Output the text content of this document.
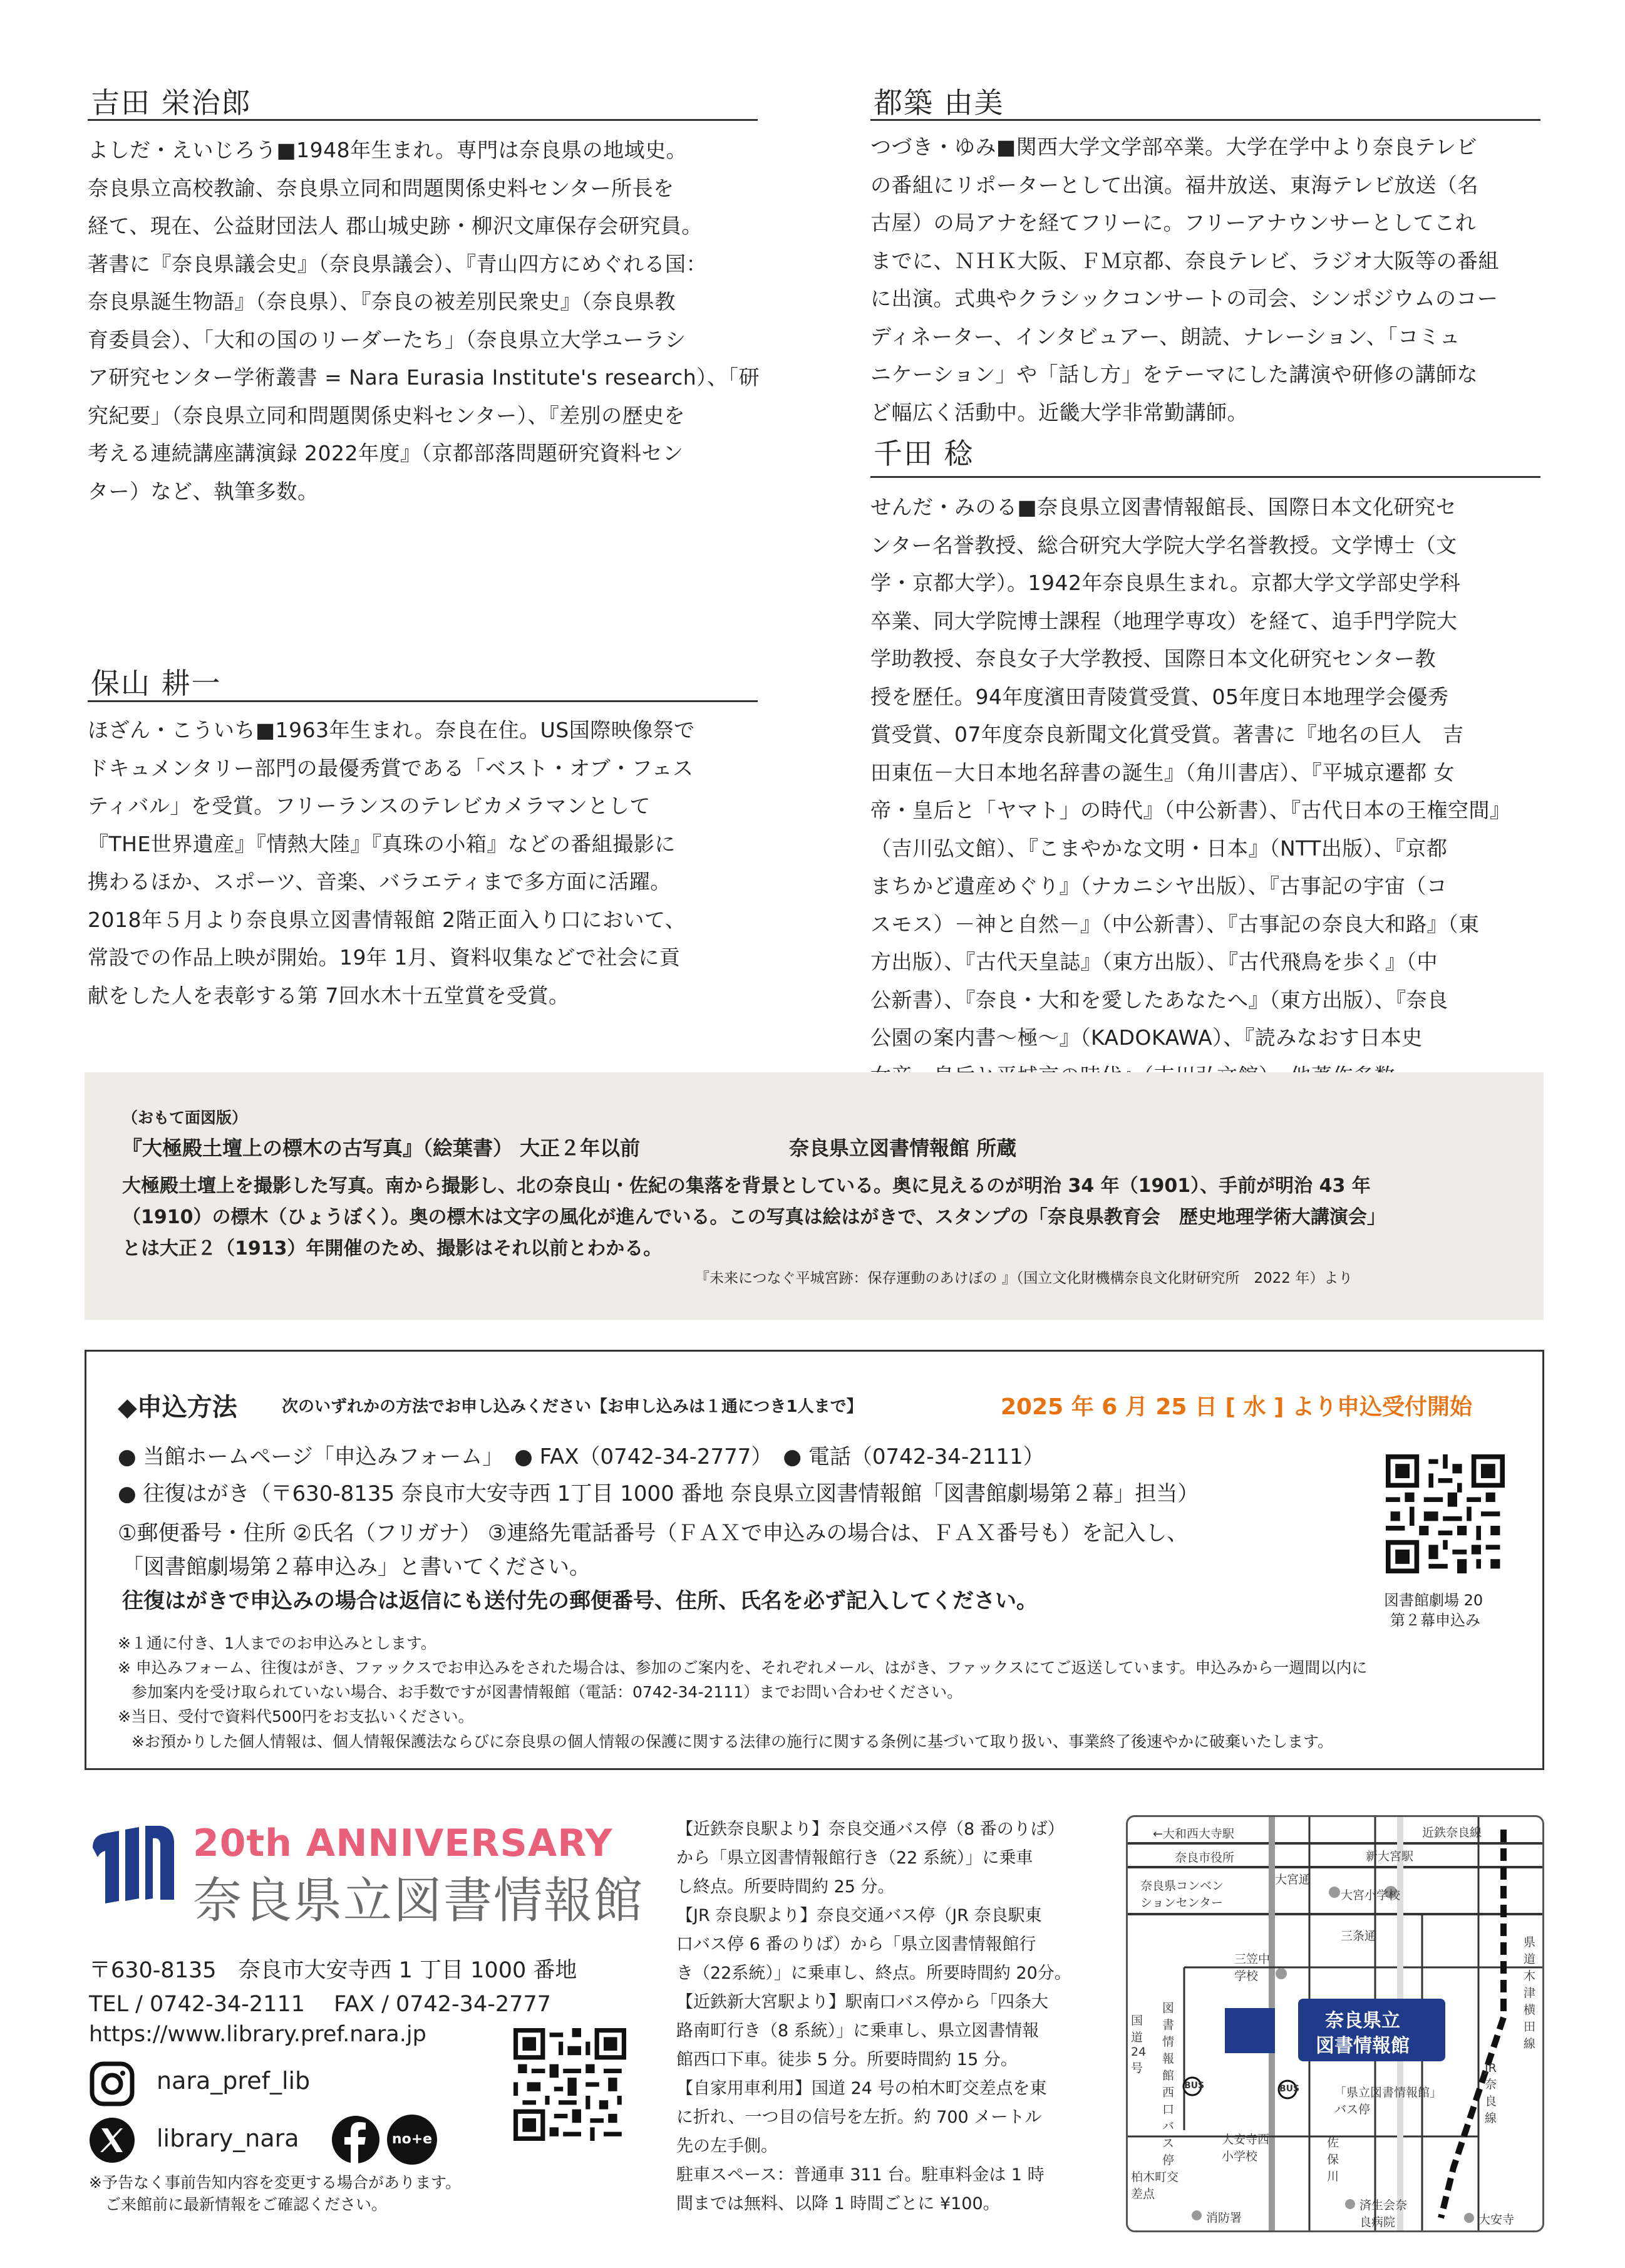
吉田 栄治郎
よしだ・えいじろう■1948年生まれ。専門は奈良県の地域史。
奈良県立高校教諭、奈良県立同和問題関係史料センター所長を
経て、現在、公益財団法人 郡山城史跡・柳沢文庫保存会研究員。
著書に『奈良県議会史』（奈良県議会）、『青山四方にめぐれる国：
奈良県誕生物語』（奈良県）、『奈良の被差別民衆史』（奈良県教
育委員会）、「大和の国のリーダーたち」（奈良県立大学ユーラシ
ア研究センター学術叢書 = Nara Eurasia Institute's research）、「研
究紀要」（奈良県立同和問題関係史料センター）、『差別の歴史を
考える連続講座講演録 2022年度』（京都部落問題研究資料セン
ター）など、執筆多数。
保山 耕一
ほざん・こういち■1963年生まれ。奈良在住。US国際映像祭で
ドキュメンタリー部門の最優秀賞である「ベスト・オブ・フェス
ティバル」を受賞。フリーランスのテレビカメラマンとして
『THE世界遺産』『情熱大陸』『真珠の小箱』などの番組撮影に
携わるほか、スポーツ、音楽、バラエティまで多方面に活躍。
2018年５月より奈良県立図書情報館 2階正面入り口において、
常設での作品上映が開始。19年 1月、資料収集などで社会に貢
献をした人を表彰する第 7回水木十五堂賞を受賞。
都築 由美
つづき・ゆみ■関西大学文学部卒業。大学在学中より奈良テレビ
の番組にリポーターとして出演。福井放送、東海テレビ放送（名
古屋）の局アナを経てフリーに。フリーアナウンサーとしてこれ
までに、ＮＨＫ大阪、ＦＭ京都、奈良テレビ、ラジオ大阪等の番組
に出演。式典やクラシックコンサートの司会、シンポジウムのコー
ディネーター、インタビュアー、朗読、ナレーション、「コミュ
ニケーション」や「話し方」をテーマにした講演や研修の講師な
ど幅広く活動中。近畿大学非常勤講師。
千田 稔
せんだ・みのる■奈良県立図書情報館長、国際日本文化研究セ
ンター名誉教授、総合研究大学院大学名誉教授。文学博士（文
学・京都大学）。1942年奈良県生まれ。京都大学文学部史学科
卒業、同大学院博士課程（地理学専攻）を経て、追手門学院大
学助教授、奈良女子大学教授、国際日本文化研究センター教
授を歴任。94年度濱田青陵賞受賞、05年度日本地理学会優秀
賞受賞、07年度奈良新聞文化賞受賞。著書に『地名の巨人　吉
田東伍－大日本地名辞書の誕生』（角川書店）、『平城京遷都 女
帝・皇后と「ヤマト」の時代』（中公新書）、『古代日本の王権空間』
（吉川弘文館）、『こまやかな文明・日本』（NTT出版）、『京都
まちかど遺産めぐり』（ナカニシヤ出版）、『古事記の宇宙（コ
スモス）－神と自然－』（中公新書）、『古事記の奈良大和路』（東
方出版）、『古代天皇誌』（東方出版）、『古代飛鳥を歩く』（中
公新書）、『奈良・大和を愛したあなたへ』（東方出版）、『奈良
公園の案内書～極～』（KADOKAWA）、『読みなおす日本史
（おもて面図版）
『大極殿土壇上の標木の古写真』（絵葉書） 大正２年以前	奈良県立図書情報館 所蔵
大極殿土壇上を撮影した写真。南から撮影し、北の奈良山・佐紀の集落を背景としている。奥に見えるのが明治 34 年（1901）、手前が明治 43 年
（1910）の標木（ひょうぼく）。奥の標木は文字の風化が進んでいる。この写真は絵はがきで、スタンプの「奈良県教育会　歴史地理学術大講演会」
とは大正２（1913）年開催のため、撮影はそれ以前とわかる。
『未来につなぐ平城宮跡：保存運動のあけぼの 』（国立文化財機構奈良文化財研究所　2022 年）より
◆申込方法	次のいずれかの方法でお申し込みください【お申し込みは１通につき1人まで】	2025 年 6 月 25 日 [ 水 ] より申込受付開始
● 当館ホームページ「申込みフォーム」　● FAX（0742-34-2777）　● 電話（0742-34-2111）
● 往復はがき（〒630-8135 奈良市大安寺西 1丁目 1000 番地 奈良県立図書情報館「図書館劇場第２幕」担当）
①郵便番号・住所 ②氏名（フリガナ） ③連絡先電話番号（ＦＡＸで申込みの場合は、ＦＡＸ番号も）を記入し、
「図書館劇場第２幕申込み」と書いてください。
往復はがきで申込みの場合は返信にも送付先の郵便番号、住所、氏名を必ず記入してください。	図書館劇場 20
第２幕申込み
※１通に付き、1人までのお申込みとします。
※ 申込みフォーム、往復はがき、ファックスでお申込みをされた場合は、参加のご案内を、それぞれメール、はがき、ファックスにてご返送しています。申込みから一週間以内に
参加案内を受け取られていない場合、お手数ですが図書情報館（電話：0742-34-2111）までお問い合わせください。
※当日、受付で資料代500円をお支払いください。
※お預かりした個人情報は、個人情報保護法ならびに奈良県の個人情報の保護に関する法律の施行に関する条例に基づいて取り扱い、事業終了後速やかに破棄いたします。
20th ANNIVERSARY
奈良県立図書情報館
〒630-8135　奈良市大安寺西 1 丁目 1000 番地
TEL / 0742-34-2111　 FAX / 0742-34-2777
https://www.library.pref.nara.jp
nara_pref_lib
library_nara	no+e
※予告なく事前告知内容を変更する場合があります。
ご来館前に最新情報をご確認ください。
【近鉄奈良駅より】奈良交通バス停（8 番のりば）
から「県立図書情報館行き（22 系統）」に乗車
し終点。所要時間約 25 分。
【JR 奈良駅より】奈良交通バス停（JR 奈良駅東
口バス停 6 番のりば）から「県立図書情報館行
き（22系統）」に乗車し、終点。所要時間約 20分。
【近鉄新大宮駅より】駅南口バス停から「四条大
路南町行き（8 系統）」に乗車し、県立図書情報
館西口下車。徒歩 5 分。所要時間約 15 分。
【自家用車利用】国道 24 号の柏木町交差点を東
に折れ、一つ目の信号を左折。約 700 メートル
先の左手側。
駐車スペース：普通車 311 台。駐車料金は 1 時
間までは無料、以降 1 時間ごとに ¥100。
←大和西大寺駅	近鉄奈良線
奈良市役所	新大宮駅
奈良県コンベンションセンター
大宮通
大宮小学校
三条通
三笠中学校
国道24号
図書情報館西口バス停
奈良県立
図書情報館
BUS	BUS	「県立図書情報館」バス停
県道木津横田線
JR奈良線
大安寺西小学校
佐保川
柏木町交差点
消防署
済生会奈良病院	大安寺
